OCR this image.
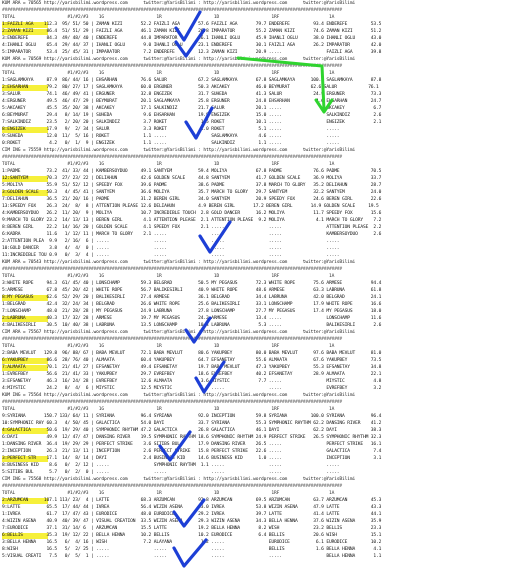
KUM ARA = 70565 http://yarisbilimi.wordpress.com      twitter:@YarisBilimi : http://yarisbilimi.wordpress.com      twitter:@YarisBilimi
##################################################################################################################################
TOTAL                    #1/#2/#3    1G                    1R                    1D                    1RF                   1A
1:FAIZLI AGA    112.3  95/ 51/ 50 | ZAMAN KIZI       52.2 FAIZLI AGA       57.6 FAIZLI AGA       79.7 ENDEREFE         93.4 ENDEREFE         53.5
2:ZAMAN KIZI     86.4  51/ 51/ 29 | FAIZLI AGA       46.1 ZAMAN KIZI       26.8 IMPARATOR        55.2 ZAMAN KIZI       74.6 ZAMAN KIZI       51.2
3:ENDEREFE       84.3  49/ 48/ 40 | ENDEREFE         44.8 IMPARATOR        26.1 IHANLI OGLU      45.9 IHANLI OGLU      38.0 IHANLI OGLU      43.0
4:IHANLI OGLU    65.4  29/ 44/ 37 | IHANLI OGLU       9.0 IHANLI OGLU      23.1 ENDEREFE         30.1 FAIZLI AGA       26.2 IMPARATOR        42.0
5:IMPARATOR      53.4  25/ 45/ 31 | IMPARATOR         7.2 ENDEREFE         12.3 ZAMAN KIZI       20.9 .....                 FAIZLI AGA       39.8
KUM ARA = 70569 http://yarisbilimi.wordpress.com      twitter:@YarisBilimi : http://yarisbilimi.wordpress.com      twitter:@YarisBilimi
##################################################################################################################################
TOTAL                    #1/#2/#3    1G                    1R                    1D                    1RF                   1A
1:SAGLAMKAYA     87.9  86/ 44/ 16 | EHSARHAN         76.6 SALUR            67.2 SAGLAMKAYA       67.8 SAGLAMKAYA      100.0 SAGLAMKAYA       87.8
2:EHSARHAN       79.2  80/ 27/ 17 | SAGLAMKAYA       60.0 ERGUNER          50.3 AKCAKEY          46.0 BEYMURAT        62.6 SALUR            76.1
3:SALUR          74.1  46/ 49/ 41 | ERGUNER          32.8 ENGIZEK          31.7 SUHEDA           41.3 SALUR            24.9 ERGUNER          73.3
4:ERGUNER        49.5  46/ 47/ 29 | BEYMURAT         20.1 SAGLAMKAYA       25.8 ERGUNER          24.8 EHSARHAN          4.6 EHSARHAN         24.7
5:AKCAKEY        45.5  35/ 20/ 38 | AKCAKEY          17.1 SALKINDIZ        21.7 SALUR            20.1 .....                 AKCAKEY           6.7
6:BEYMURAT       29.4   8/ 14/ 19 | SUHEDA            9.6 EHSARHAN         19.9 ENGIZEK          15.0 .....                 SALKINDIZ         2.6
7:SALKINDIZ      23.5   2/ 20/ 20 | SALKINDIZ         3.7 ROKET             1.5 ROKET            10.1 .....                 ENGIZEK           2.1
8:ENGIZEK        17.9   9/  2/ 34 | SALUR             3.3 ROKET             1.0 ROKET             5.1 .....                 .....
9:SUHEDA         12.0  11/  5/ 16 | ROKET             1.1 .....                 SAGLAMKAYA        4.6 .....                 .....
0:ROKET           4.2   0/  1/  9 | ENGIZEK           1.1 .....                 SALKINDIZ         1.1 .....                 .....
CIM ING = 75559 http://yarisbilimi.wordpress.com      twitter:@YarisBilimi : http://yarisbilimi.wordpress.com      twitter:@YarisBilimi
##################################################################################################################################
TOTAL                    #1/#2/#3    1G                    1R                    1D                    1RF                   1A
1:PADME          73.2  41/ 33/ 44 | KAMBERSOYDUO     49.1 SANTYEM          59.4 MOLIYA           67.8 PADME            76.6 PADME            70.5
12:SANTYEM       70.3  27/ 23/ 22 | DELIAHUN         42.6 GOLDEN SCALE     44.8 SANTYEM          41.7 GOLDEN SCALE     36.9 MOLIYA           33.7
5:MOLIYA         55.9  51/ 52/ 12 | SPEEDY FOX       39.6 PADME            38.6 PADME            37.8 MARCH TO GLORY   35.2 DELIAHUN         28.7
3:GOLDEN SCALE   50.3   4/ 45/ 41 | SANTYEM          36.6 MOLIYA           35.7 MARCH TO GLORY   29.7 SANTYEM          32.2 SANTYEM          24.0
7:DELIAHUN       36.5  21/ 20/ 16 | PADME            31.2 BEREN GIRL       34.0 SANTYEM          20.9 SPEEDY FOX       24.6 BEREN GIRL       22.6
13:SPEEDY FOX    26.3  24/  8/  8 | ATTENTION PLEASE 12.6 DELIAHUN         4.9 BEREN GIRL       17.2 BEREN GIRL       14.9 GOLDEN SCALE     19.5
4:KAMBERSOYDUO   26.2  11/ 20/  9 | MOLIYA           10.7 INCREDIBLE TOUCH  2.8 GOLD DANCER      16.2 MOLIYA           11.7 SPEEDY FOX       15.6
9:MARCH TO GLORY 23.2  14/ 13/ 13 | BEREN GIRL        4.1 ATTENTION PLEASE  2.1 ATTENTION PLEASE  9.2 MOLIYA            4.1 MARCH TO GLORY    7.2
8:BEREN GIRL     22.2  14/ 16/ 20 | GOLDEN SCALE      4.1 SPEEDY FOX        2.1 .....                 .....                 ATTENTION PLEASE  2.2
6:KADRA          11.6   1/ 12/ 11 | MARCH TO GLORY    2.1 .....                 .....                 .....                 KAMBERSOYDUO      2.6
2:ATTENTION PLEA  9.9   2/ 16/  6 | .....                 .....                 .....                 .....                 .....
10:GOLD DANCER    3.8   4/  4/  0 | .....                 .....                 .....                 .....                 .....
11:INCREDIBLE TOU 0.9   0/  3/  4 | .....                 .....                 .....                 .....                 .....
KUM ARA = 70543 http://yarisbilimi.wordpress.com      twitter:@YarisBilimi : http://yarisbilimi.wordpress.com      twitter:@YarisBilimi
##################################################################################################################################
TOTAL                    #1/#2/#3    1G                    1R                    1D                    1RF                   1A
3:WHITE ROPE     94.3  61/ 45/ 40 | LONSCHAMP        59.3 BELGRAD          50.5 MY PEGASUS       72.3 WHITE ROPE       75.6 ARMESE           94.4
5:ARMESE         67.8  45/ 20/ 42 | WHITE ROPE       56.7 BALIKESIRLI      40.9 WHITE ROPE       48.6 ARMESE           63.3 LABRUNA          61.8
8:MY PEGASUS     62.6  52/ 29/ 20 | BALIKESIRLI      27.4 ARMESE           36.1 BELGRAD          34.4 LABRUNA          42.0 BELGRAD          24.1
1:BELGRAD        42.4  32/ 24/ 34 | BELGRAD          26.6 WHITE ROPE       25.6 BALIKESIRLI      33.1 LONSCHAMP        17.9 WHITE ROPE       16.6
7:LONSCHAMP      48.0  21/ 28/ 28 | MY PEGASUS       24.9 LABRUNA          27.8 LONSCHAMP        27.7 MY PEGASUS       17.4 MY PEGASUS       18.0
2:LABRUNA        40.3  17/ 32/ 28 | ARMESE           19.7 MY PEGASUS       24.2 ARMESE           13.4 .....                 LONSCHAMP        11.6
4:BALIKESIRLI    30.5  10/ 40/ 38 | LABRUNA          13.5 LONSCHAMP        10.4 LABRUNA           5.3 .....                 BALIKESIRLI       2.6
CIM ARA = 75567 http://yarisbilimi.wordpress.com      twitter:@YarisBilimi : http://yarisbilimi.wordpress.com      twitter:@YarisBilimi
##################################################################################################################################
TOTAL                    #1/#2/#3    1G                    1R                    1D                    1RF                   1A
2:BABA MEVLUT   129.8  96/ 88/ 67 | BABA MEVLUT      72.1 BABA MEVLUT      80.6 YAKUPBEY         80.0 BABA MEVLUT      97.6 BABA MEVLUT      81.0
6:YAKUPBEY       86.6  28/ 76/ 40 | ALMAATA          60.4 YAKUPBEY         64.7 EFSANETAY        55.6 ALMAATA          67.6 YAKUPBEY         73.5
7:ALMAATA        70.1  21/ 41/ 27 | EFSANETAY        49.4 EFSANETAY        19.7 BABA MEVLUT      47.3 YAKUPBEY         55.3 EFSANETAY        34.8
1:EVREFBEY       56.6  21/ 41/ 33 | YAKUPBEY         29.7 EVREFBEY         18.6 EVREFBEY         40.2 EFSANETAY        28.9 ALMAATA          22.1
3:EFSANETAY      46.3  16/ 24/ 28 | EVREFBEY         12.6 ALMAATA           3.6 MIYSTIC           7.7 .....                 MIYSTIC           4.8
4:MIYSTIC        24.2   8/  4/  6 | MIYSTIC          12.5 MIYSTIC           1.7 .....                 .....                 EVREFBEY          3.2
KUM ING = 75564 http://yarisbilimi.wordpress.com      twitter:@YarisBilimi : http://yarisbilimi.wordpress.com      twitter:@YarisBilimi
##################################################################################################################################
TOTAL                    #1/#2/#3    1G                    1R                    1D                    1RF                   1A
9:SYRIANA       150.7 133/ 64/ 11 | SYRIANA          96.4 SYRIANA          92.0 INCEPTION        59.8 SYRIANA         100.0 SYRIANA          96.4
10:SYMPHONIC RHY 60.3   4/ 50/ 45 | GALACTICA        54.0 DAYI             33.7 SYRIANA          55.3 SYMPHONIC RHYTHM 62.2 DANSING RIVER    41.2
4:GALACTICA      50.6  19/ 29/ 40 | SYMPHONIC RHYTHM 47.2 GALACTICA        26.8 GALACTICA        46.1 DAYI             62.2 DAYI             38.3
6:DAYI           49.9  12/ 47/ 47 | DANSING RIVER    19.5 SYMPHONIC RHYTHM 18.6 SYMPHONIC RHYTHM 24.9 PERFECT STRIKE   26.5 SYMPHONIC RHYTHM 32.3
1:DANSING RIVER  36.4  19/ 29/ 29 | PERFECT STRIKE    3.6 SITIBS BUL       17.9 DANSING RIVER    26.5 .....                 PERFECT STRIKE   16.1
2:INCEPTION      26.3  21/ 13/ 11 | INCEPTION         2.6 PERFECT STRIKE   15.8 PERFECT STRIKE   22.6 .....                 GALACTICA         7.4
3:PERFECT STR    17.1  14/  8/ 14 | DAYI              2.4 BUSINESS KID     14.6 BUSINESS KID      1.0 .....                 INCEPTION         3.1
8:BUSINESS KID    8.6   0/  2/ 12 | .....                 SYMPHONIC RHYTHM  1.1 .....                 .....                 .....
5:SITIBS BUL      5.7   0/  2/  0 | .....                 .....                 .....                 .....                 .....
CIM ING = 75568 http://yarisbilimi.wordpress.com      twitter:@YarisBilimi : http://yarisbilimi.wordpress.com      twitter:@YarisBilimi
##################################################################################################################################
TOTAL                    #1/#2/#3    1G                    1R                    1D                    1RF                   1A
2:ARZUMCAN      107.1 113/ 23/  4 | LATTE            68.3 ARZUMCAN         92.8 ARZUMCAN         69.5 ARZUMCAN         63.7 ARZUMCAN         45.3
9:LATTE          65.5  17/ 44/ 44 | IVREA            56.4 WIZIN ASENA      43.0 IVREA            53.8 WIZIN ASENA      47.9 LATTE            43.3
1:IVREA          61.7  17/ 47/ 43 | EURODICE         48.0 EURODICE         29.2 IVREA            39.7 LATTE            41.4 LATTE            44.1
4:WIZIN ASENA    40.9  40/ 39/ 47 | VISUAL CREATION  33.5 WIZIN ASENA      29.3 WIZIN ASENA      34.3 BELLA HENNA      37.6 WIZIN ASENA      35.9
7:EURODICE       37.1  31/ 14/ 6  | ARZUMCAN         15.5 LATTE            19.2 BELLA HENNA       8.2 WISH             23.2 BELLIS           23.3
6:BELLIS         35.3  19/ 12/ 22 | BELLA HENNA      10.2 BELLIS           10.2 EURODICE          6.4 BELLIS           20.6 WISH             15.1
3:BELLA HENNA    16.5   6/  4/ 16 | WISH              7.2 ALAYANA           1.2 .....                 EURODICE          6.1 EURODICE         10.2
8:WISH           16.5   5/  2/ 25 | .....                 .....                 .....                 BELLIS            1.6 BELLA HENNA       4.1
5:VISUAL CREATI   7.5   0/  5/  1 | .....                 .....                 .....                 .....                 BELLA HENNA       1.1
